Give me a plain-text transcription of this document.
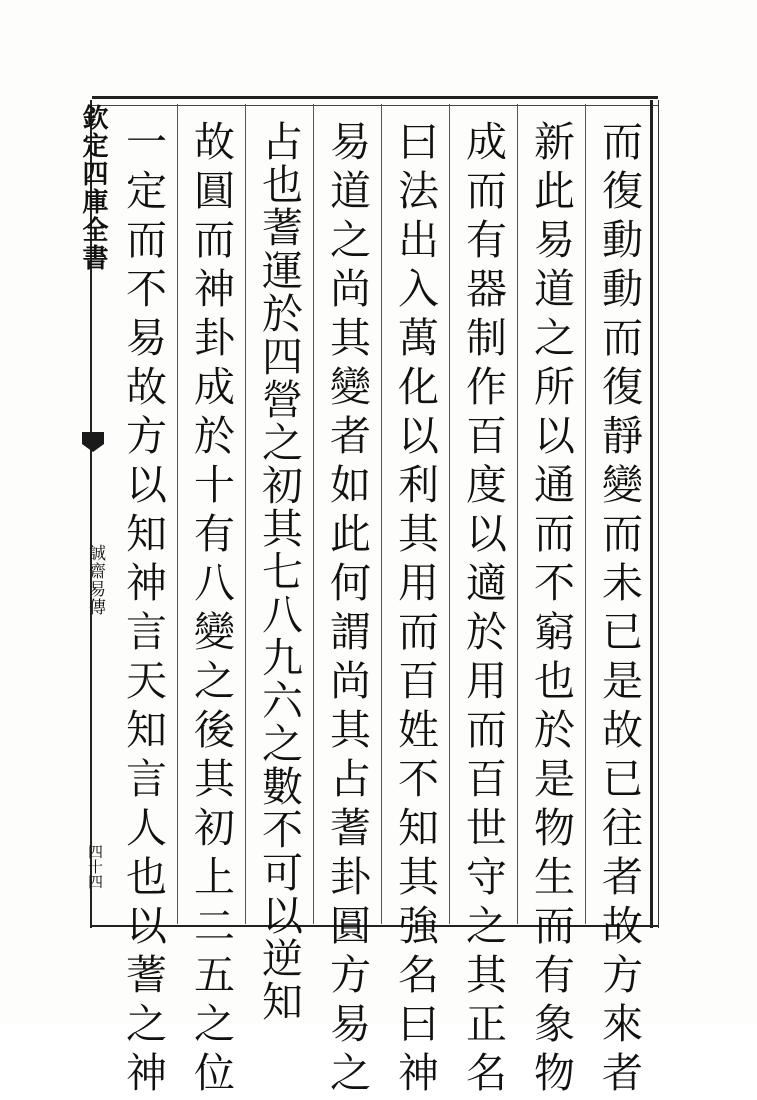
欽定四庫全書
誠齋易傳
四十四	而復動動而復靜變而未已是故已往者故方來者
新此易道之所以通而不窮也於是物生而有象物
成而有器制作百度以適於用而百世守之其正名
曰法出入萬化以利其用而百姓不知其強名曰神
易道之尚其變者如此何謂尚其占蓍卦圓方易之
占也蓍運於四營之初其七八九六之數不可以逆知
故圓而神卦成於十有八變之後其初上二五之位
一定而不易故方以知神言天知言人也以蓍之神
